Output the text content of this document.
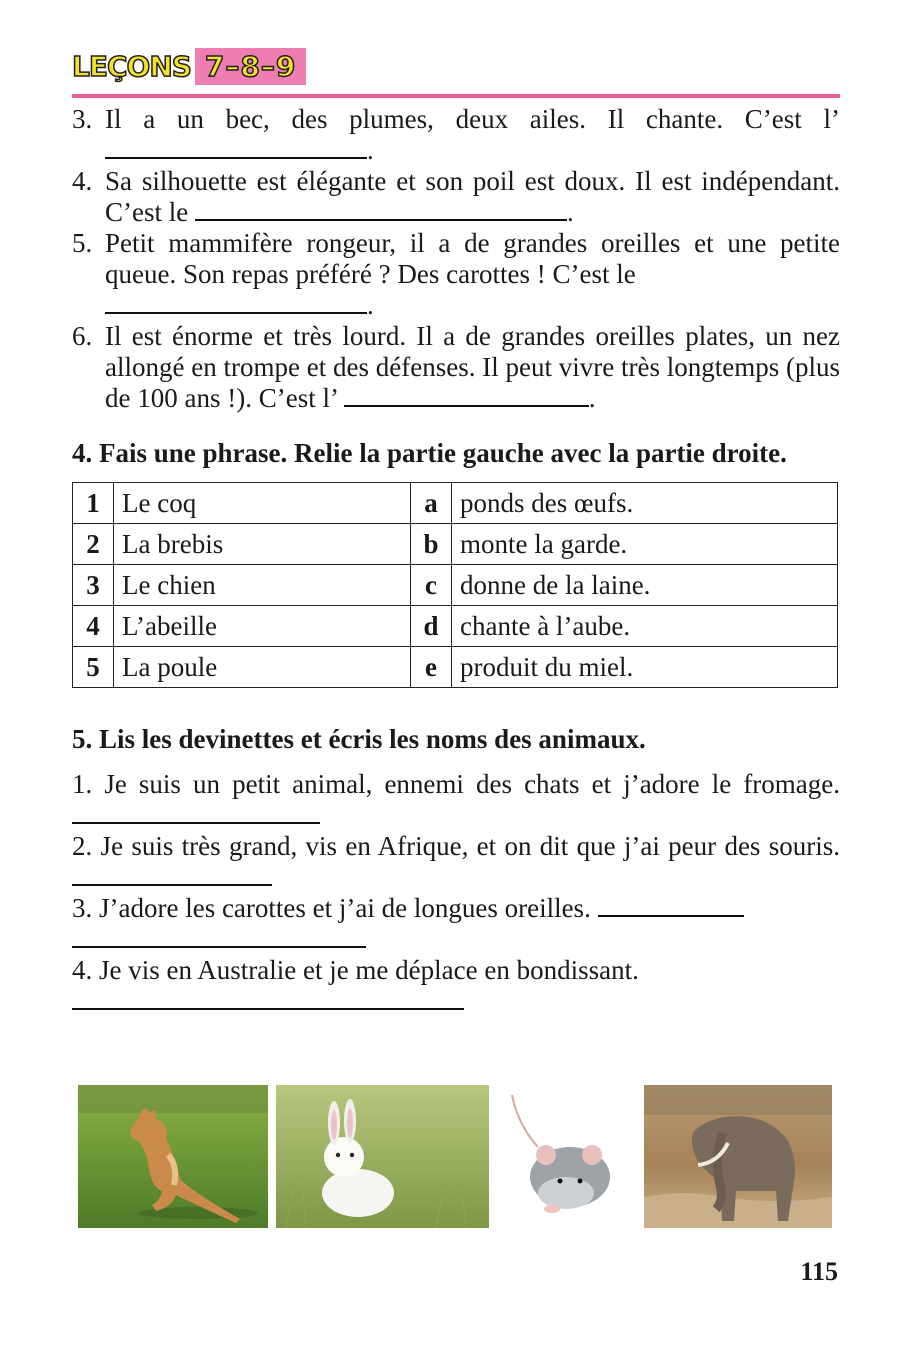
LEÇONS 7–8–9
3. Il a un bec, des plumes, deux ailes. Il chante. C’est l’.
4. Sa silhouette est élégante et son poil est doux. Il est indépendant. C’est le	.
5. Petit mammifère rongeur, il a de grandes oreilles et une petite queue. Son repas préféré ? Des carottes ! C’est le
.
6. Il est énorme et très lourd. Il a de grandes oreilles plates, un nez allongé en trompe et des défenses. Il peut vivre très longtemps (plus de 100 ans !). C’est l’	.
4. Fais une phrase. Relie la partie gauche avec la partie droite.
1	Le coq	a	ponds des œufs.
2	La brebis	b	monte la garde.
3	Le chien	c	donne de la laine.
4	L’abeille	d	chante à l’aube.
5	La poule	e	produit du miel.
5. Lis les devinettes et écris les noms des animaux.

1. Je suis un petit animal, ennemi des chats et j’adore le fromage.

2. Je suis très grand, vis en Afrique, et on dit que j’ai peur des souris.

3. J’adore les carottes et j’ai de longues oreilles.

4. Je vis en Australie et je me déplace en bondissant.

115
